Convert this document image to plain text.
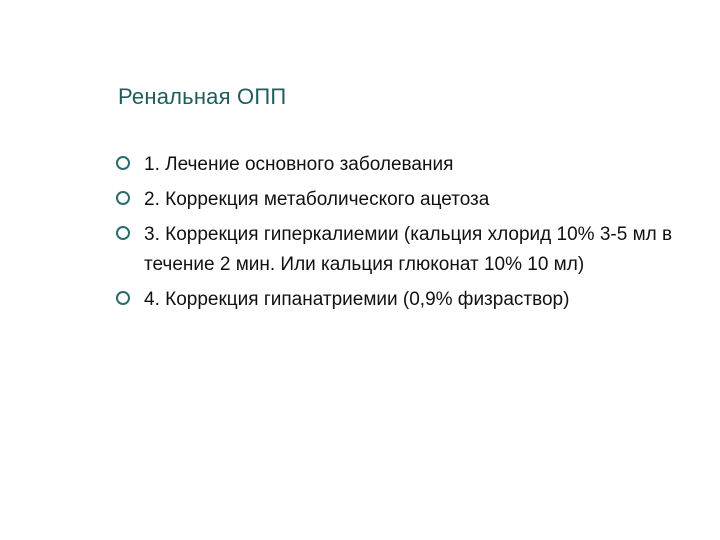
Ренальная ОПП
1. Лечение основного заболевания
2. Коррекция метаболического ацетоза
3. Коррекция гиперкалиемии (кальция хлорид 10% 3-5 мл в течение 2 мин. Или кальция глюконат 10% 10 мл)
4. Коррекция гипанатриемии (0,9% физраствор)
